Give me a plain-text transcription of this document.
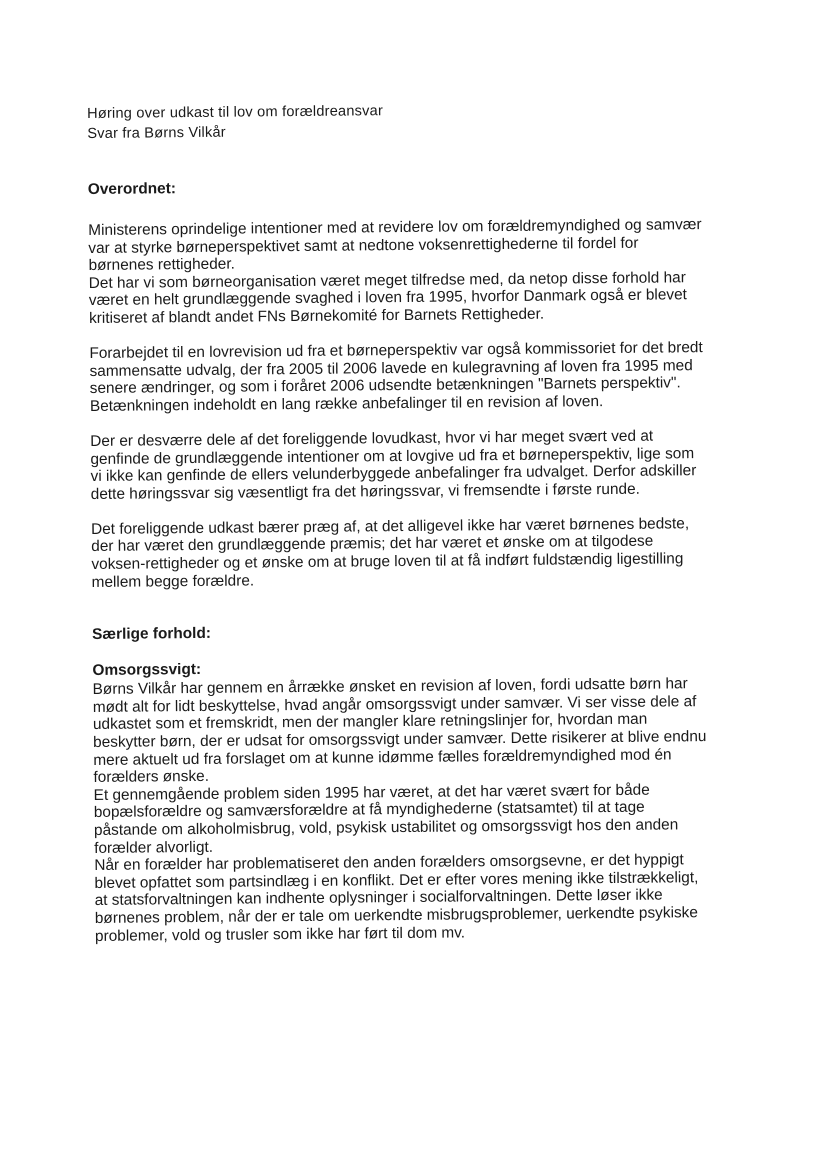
Høring over udkast til lov om forældreansvar
Svar fra Børns Vilkår
Overordnet:
Ministerens oprindelige intentioner med at revidere lov om forældremyndighed og samvær
var at styrke børneperspektivet samt at nedtone voksenrettighederne til fordel for
børnenes rettigheder.
Det har vi som børneorganisation været meget tilfredse med, da netop disse forhold har
været en helt grundlæggende svaghed i loven fra 1995, hvorfor Danmark også er blevet
kritiseret af blandt andet FNs Børnekomité for Barnets Rettigheder.
Forarbejdet til en lovrevision ud fra et børneperspektiv var også kommissoriet for det bredt
sammensatte udvalg, der fra 2005 til 2006 lavede en kulegravning af loven fra 1995 med
senere ændringer, og som i foråret 2006 udsendte betænkningen "Barnets perspektiv".
Betænkningen indeholdt en lang række anbefalinger til en revision af loven.
Der er desværre dele af det foreliggende lovudkast, hvor vi har meget svært ved at
genfinde de grundlæggende intentioner om at lovgive ud fra et børneperspektiv, lige som
vi ikke kan genfinde de ellers velunderbyggede anbefalinger fra udvalget. Derfor adskiller
dette høringssvar sig væsentligt fra det høringssvar, vi fremsendte i første runde.
Det foreliggende udkast bærer præg af, at det alligevel ikke har været børnenes bedste,
der har været den grundlæggende præmis; det har været et ønske om at tilgodese
voksen-rettigheder og et ønske om at bruge loven til at få indført fuldstændig ligestilling
mellem begge forældre.
Særlige forhold:
Omsorgssvigt:
Børns Vilkår har gennem en årrække ønsket en revision af loven, fordi udsatte børn har
mødt alt for lidt beskyttelse, hvad angår omsorgssvigt under samvær. Vi ser visse dele af
udkastet som et fremskridt, men der mangler klare retningslinjer for, hvordan man
beskytter børn, der er udsat for omsorgssvigt under samvær. Dette risikerer at blive endnu
mere aktuelt ud fra forslaget om at kunne idømme fælles forældremyndighed mod én
forælders ønske.
Et gennemgående problem siden 1995 har været, at det har været svært for både
bopælsforældre og samværsforældre at få myndighederne (statsamtet) til at tage
påstande om alkoholmisbrug, vold, psykisk ustabilitet og omsorgssvigt hos den anden
forælder alvorligt.
Når en forælder har problematiseret den anden forælders omsorgsevne, er det hyppigt
blevet opfattet som partsindlæg i en konflikt. Det er efter vores mening ikke tilstrækkeligt,
at statsforvaltningen kan indhente oplysninger i socialforvaltningen. Dette løser ikke
børnenes problem, når der er tale om uerkendte misbrugsproblemer, uerkendte psykiske
problemer, vold og trusler som ikke har ført til dom mv.
